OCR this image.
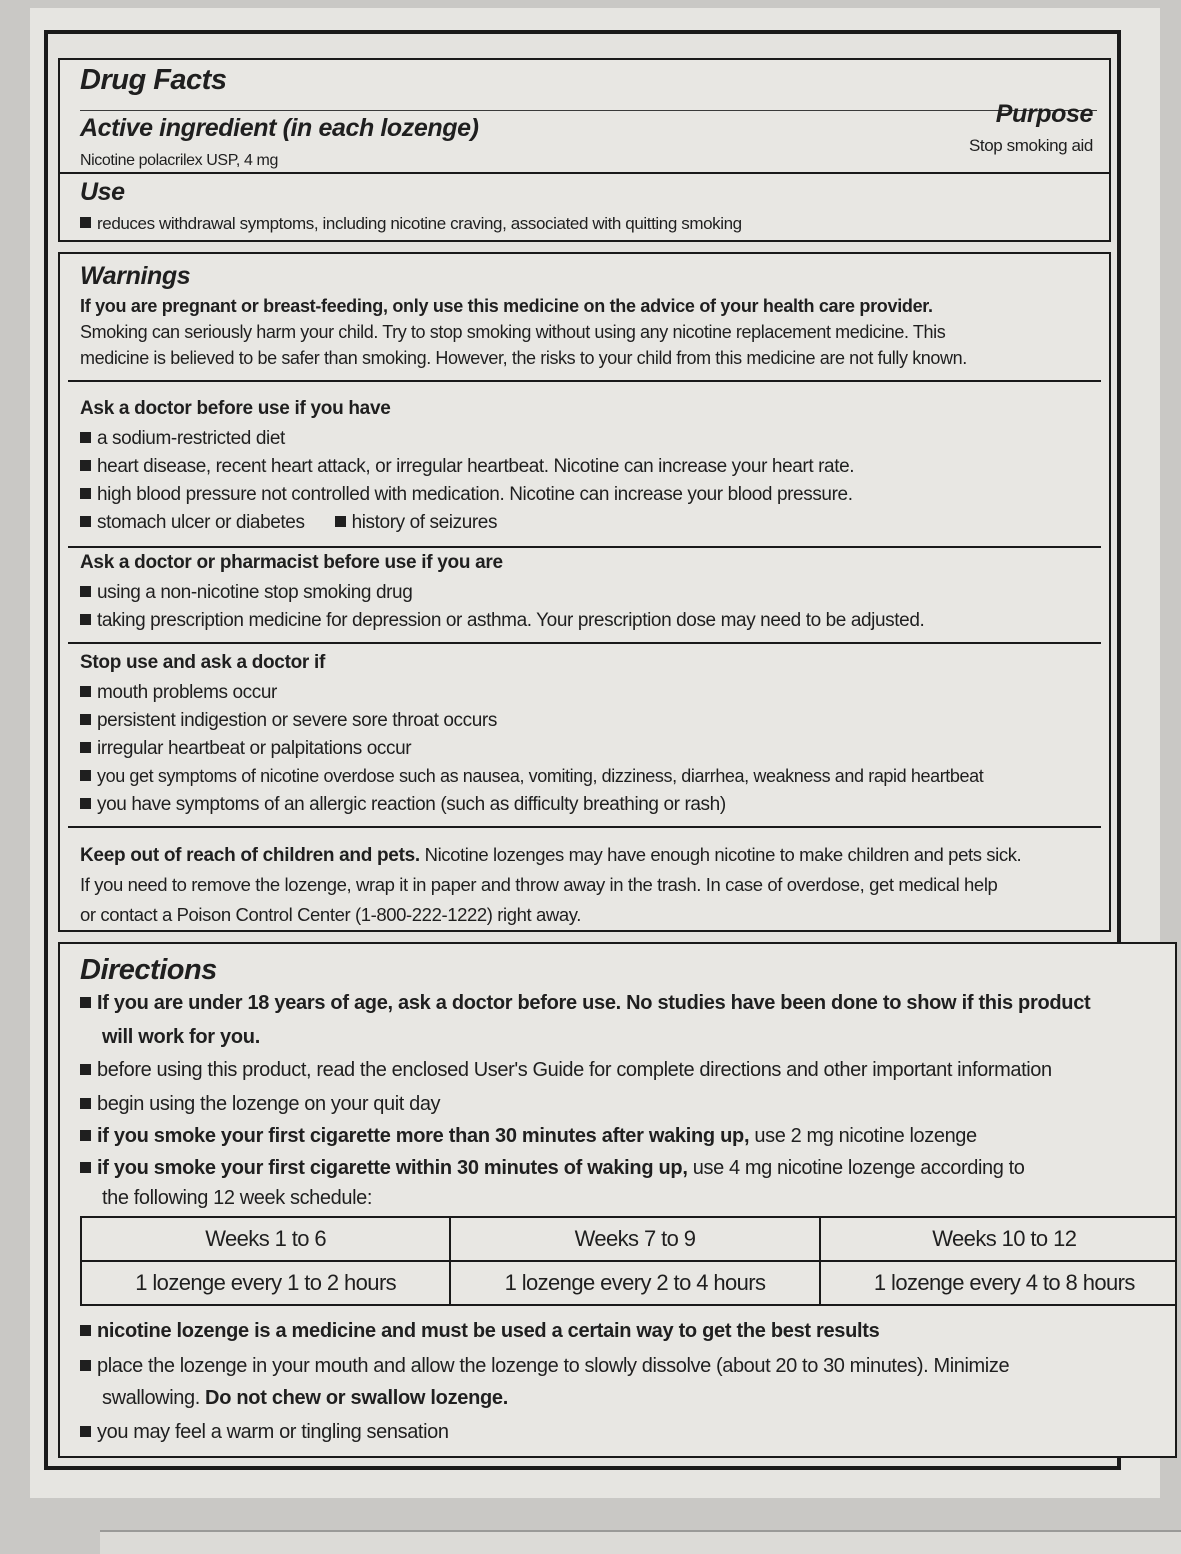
Drug Facts
Active ingredient (in each lozenge)	Purpose
Nicotine polacrilex USP, 4 mg
Stop smoking aid
Use
reduces withdrawal symptoms, including nicotine craving, associated with quitting smoking
Warnings
If you are pregnant or breast-feeding, only use this medicine on the advice of your health care provider.
Smoking can seriously harm your child. Try to stop smoking without using any nicotine replacement medicine. This
medicine is believed to be safer than smoking. However, the risks to your child from this medicine are not fully known.
Ask a doctor before use if you have
a sodium-restricted diet
heart disease, recent heart attack, or irregular heartbeat. Nicotine can increase your heart rate.
high blood pressure not controlled with medication. Nicotine can increase your blood pressure.
stomach ulcer or diabetes history of seizures
Ask a doctor or pharmacist before use if you are
using a non-nicotine stop smoking drug
taking prescription medicine for depression or asthma. Your prescription dose may need to be adjusted.
Stop use and ask a doctor if
mouth problems occur
persistent indigestion or severe sore throat occurs
irregular heartbeat or palpitations occur
you get symptoms of nicotine overdose such as nausea, vomiting, dizziness, diarrhea, weakness and rapid heartbeat
you have symptoms of an allergic reaction (such as difficulty breathing or rash)
Keep out of reach of children and pets. Nicotine lozenges may have enough nicotine to make children and pets sick.
If you need to remove the lozenge, wrap it in paper and throw away in the trash. In case of overdose, get medical help
or contact a Poison Control Center (1-800-222-1222) right away.
Directions
If you are under 18 years of age, ask a doctor before use. No studies have been done to show if this product
will work for you.
before using this product, read the enclosed User's Guide for complete directions and other important information
begin using the lozenge on your quit day
if you smoke your first cigarette more than 30 minutes after waking up, use 2 mg nicotine lozenge
if you smoke your first cigarette within 30 minutes of waking up, use 4 mg nicotine lozenge according to
the following 12 week schedule:
Weeks 1 to 6	Weeks 7 to 9	Weeks 10 to 12
1 lozenge every 1 to 2 hours	1 lozenge every 2 to 4 hours	1 lozenge every 4 to 8 hours
nicotine lozenge is a medicine and must be used a certain way to get the best results
place the lozenge in your mouth and allow the lozenge to slowly dissolve (about 20 to 30 minutes). Minimize
swallowing. Do not chew or swallow lozenge.
you may feel a warm or tingling sensation
